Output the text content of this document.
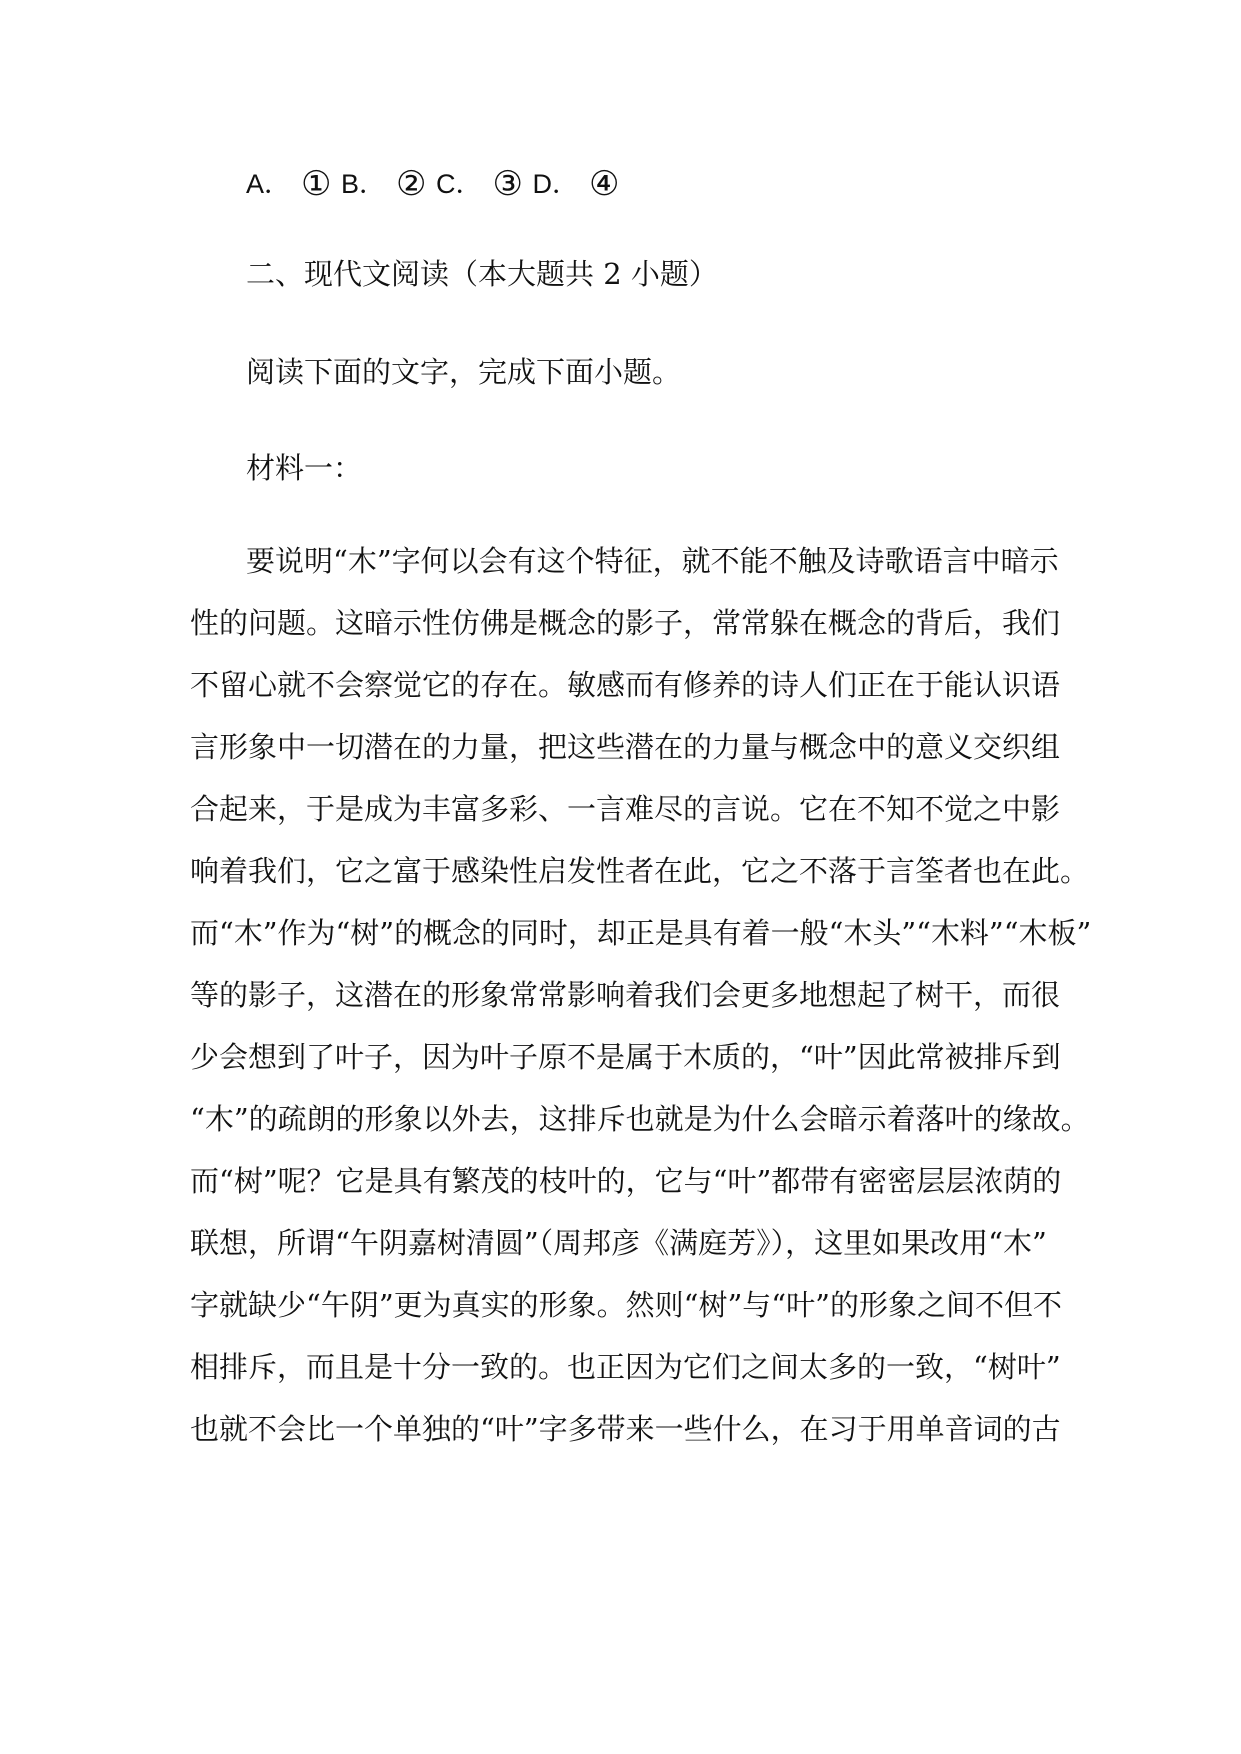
A． ① B． ② C． ③ D． ④
二、现代文阅读（本大题共 2 小题）
阅读下面的文字，完成下面小题。
材料一：
要说明“木”字何以会有这个特征，就不能不触及诗歌语言中暗示
性的问题。这暗示性仿佛是概念的影子，常常躲在概念的背后，我们
不留心就不会察觉它的存在。敏感而有修养的诗人们正在于能认识语
言形象中一切潜在的力量，把这些潜在的力量与概念中的意义交织组
合起来，于是成为丰富多彩、一言难尽的言说。它在不知不觉之中影
响着我们，它之富于感染性启发性者在此，它之不落于言筌者也在此。
而“木”作为“树”的概念的同时，却正是具有着一般“木头”“木料”“木板”
等的影子，这潜在的形象常常影响着我们会更多地想起了树干，而很
少会想到了叶子，因为叶子原不是属于木质的，“叶”因此常被排斥到
“木”的疏朗的形象以外去，这排斥也就是为什么会暗示着落叶的缘故。
而“树”呢？它是具有繁茂的枝叶的，它与“叶”都带有密密层层浓荫的
联想，所谓“午阴嘉树清圆”（周邦彦《满庭芳》），这里如果改用“木”
字就缺少“午阴”更为真实的形象。然则“树”与“叶”的形象之间不但不
相排斥，而且是十分一致的。也正因为它们之间太多的一致，“树叶”
也就不会比一个单独的“叶”字多带来一些什么，在习于用单音词的古
